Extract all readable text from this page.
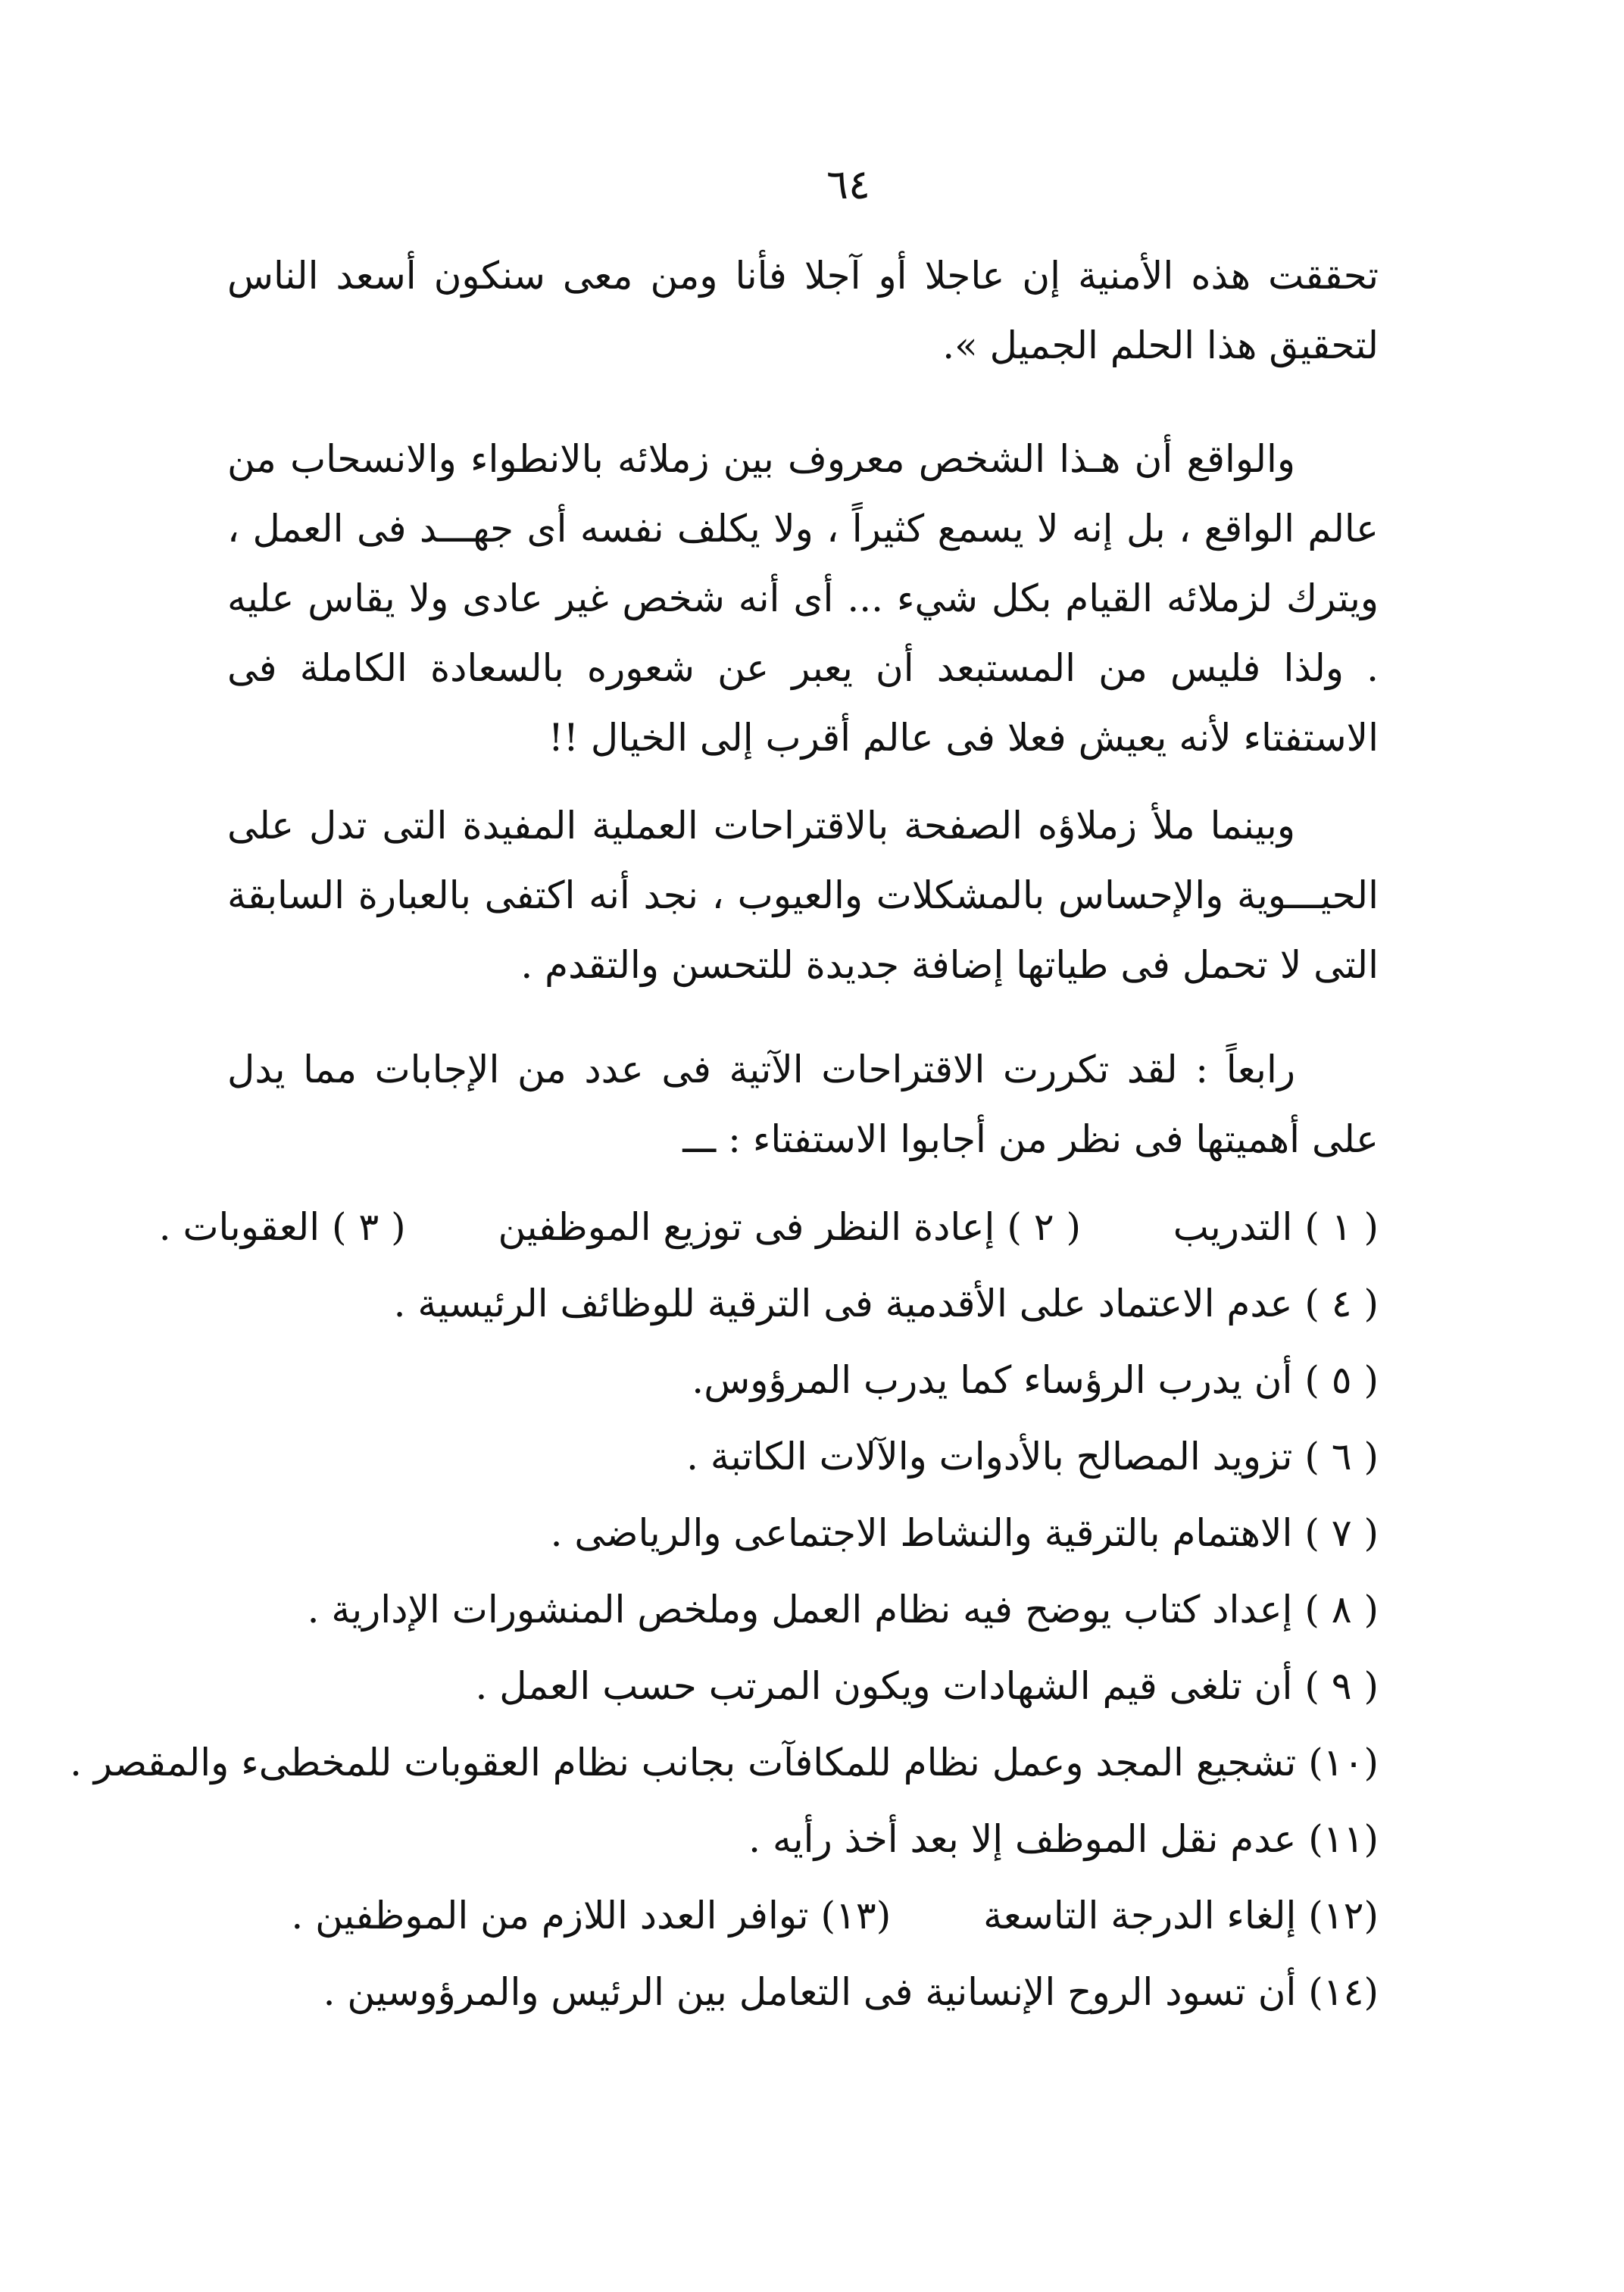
٦٤

تحققت هذه الأمنية إن عاجلا أو آجلا فأنا ومن معى سنكون أسعد الناس لتحقيق هذا الحلم الجميل ».

والواقع أن هـذا الشخص معروف بين زملائه بالانطواء والانسحاب من عالم الواقع ، بل إنه لا يسمع كثيراً ، ولا يكلف نفسه أى جهـــد فى العمل ، ويترك لزملائه القيام بكل شيء ... أى أنه شخص غير عادى ولا يقاس عليه . ولذا فليس من المستبعد أن يعبر عن شعوره بالسعادة الكاملة فى الاستفتاء لأنه يعيش فعلا فى عالم أقرب إلى الخيال !!

وبينما ملأ زملاؤه الصفحة بالاقتراحات العملية المفيدة التى تدل على الحيـــوية والإحساس بالمشكلات والعيوب ، نجد أنه اكتفى بالعبارة السابقة التى لا تحمل فى طياتها إضافة جديدة للتحسن والتقدم .

رابعاً : لقد تكررت الاقتراحات الآتية فى عدد من الإجابات مما يدل على أهميتها فى نظر من أجابوا الاستفتاء : ـــ

( ١ ) التدريب  ( ٢ ) إعادة النظر فى توزيع الموظفين  ( ٣ ) العقوبات .
( ٤ ) عدم الاعتماد على الأقدمية فى الترقية للوظائف الرئيسية .
( ٥ ) أن يدرب الرؤساء كما يدرب المرؤوس.
( ٦ ) تزويد المصالح بالأدوات والآلات الكاتبة .
( ٧ ) الاهتمام بالترقية والنشاط الاجتماعى والرياضى .
( ٨ ) إعداد كتاب يوضح فيه نظام العمل وملخص المنشورات الإدارية .
( ٩ ) أن تلغى قيم الشهادات ويكون المرتب حسب العمل .
(١٠) تشجيع المجد وعمل نظام للمكافآت بجانب نظام العقوبات للمخطىء والمقصر .
(١١) عدم نقل الموظف إلا بعد أخذ رأيه .
(١٢) إلغاء الدرجة التاسعة  (١٣) توافر العدد اللازم من الموظفين .
(١٤) أن تسود الروح الإنسانية فى التعامل بين الرئيس والمرؤوسين .
